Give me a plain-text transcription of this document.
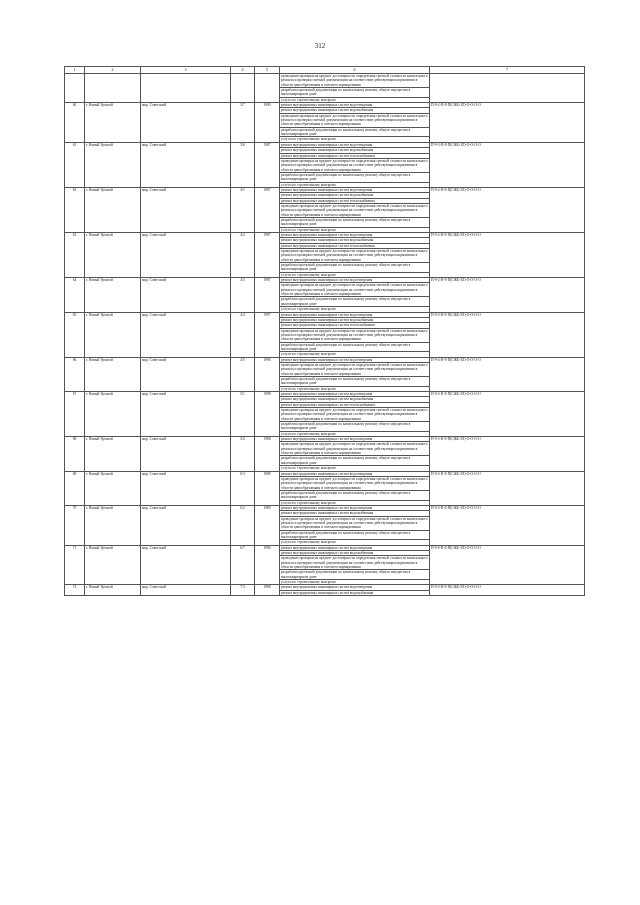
312
1	2	3	4	5	6	7
					проведение проверки на предмет достоверности определения сметной стоимости капитального ремонта и проверки сметной документации на соответствие действующим нормативам в области ценообразования и сметного нормирования	
					разработка проектной документации по капитальному ремонту общего имущества в многоквартирном доме	
					услуги по строительному контролю	
60	г. Новый Уренгой	мкр. Советский	3/7	1990	ремонт внутридомовых инженерных систем водоотведения	П-9-2-П-8-П(СЖБ-ЗЛ)-О-О-О-О
					ремонт внутридомовых инженерных систем водоснабжения	
					проведение проверки на предмет достоверности определения сметной стоимости капитального ремонта и проверки сметной документации на соответствие действующим нормативам в области ценообразования и сметного нормирования	
					разработка проектной документации по капитальному ремонту общего имущества в многоквартирном доме	
					услуги по строительному контролю	
61	г. Новый Уренгой	мкр. Советский	3/6	1987	ремонт внутридомовых инженерных систем водоотведения	П-9-3-П-8-П(СЖБ-ЗЛ)-О-О-О-О
					ремонт внутридомовых инженерных систем водоснабжения	
					ремонт внутридомовых инженерных систем теплоснабжения	
					проведение проверки на предмет достоверности определения сметной стоимости капитального ремонта и проверки сметной документации на соответствие действующим нормативам в области ценообразования и сметного нормирования	
					разработка проектной документации по капитальному ремонту общего имущества в многоквартирном доме	
					услуги по строительному контролю	
62	г. Новый Уренгой	мкр. Советский	4/1	1987	ремонт внутридомовых инженерных систем водоотведения	П-9-2-П-8-П(СЖБ-ЗЛ)-О-О-О-О
					ремонт внутридомовых инженерных систем водоснабжения	
					ремонт внутридомовых инженерных систем теплоснабжения	
					проведение проверки на предмет достоверности определения сметной стоимости капитального ремонта и проверки сметной документации на соответствие действующим нормативам в области ценообразования и сметного нормирования	
					разработка проектной документации по капитальному ремонту общего имущества в многоквартирном доме	
					услуги по строительному контролю	
63	г. Новый Уренгой	мкр. Советский	4/2	1987	ремонт внутридомовых инженерных систем водоотведения	П-9-2-П-8-П(СЖБ-ЗЛ)-О-О-О-О
					ремонт внутридомовых инженерных систем водоснабжения	
					ремонт внутридомовых инженерных систем теплоснабжения	
					проведение проверки на предмет достоверности определения сметной стоимости капитального ремонта и проверки сметной документации на соответствие действующим нормативам в области ценообразования и сметного нормирования	
					разработка проектной документации по капитальному ремонту общего имущества в многоквартирном доме	
					услуги по строительному контролю	
64	г. Новый Уренгой	мкр. Советский	4/3	1987	ремонт внутридомовых инженерных систем водоотведения	П-9-2-П-8-П(СЖБ-ЗЛ)-О-О-О-О
					проведение проверки на предмет достоверности определения сметной стоимости капитального ремонта и проверки сметной документации на соответствие действующим нормативам в области ценообразования и сметного нормирования	
					разработка проектной документации по капитальному ремонту общего имущества в многоквартирном доме	
					услуги по строительному контролю	
65	г. Новый Уренгой	мкр. Советский	4/4	1997	ремонт внутридомовых инженерных систем водоотведения	П-9-3-П-8-П(СЖБ-ЗЛ)-О-О-О-О
					ремонт внутридомовых инженерных систем водоснабжения	
					ремонт внутридомовых инженерных систем теплоснабжения	
					проведение проверки на предмет достоверности определения сметной стоимости капитального ремонта и проверки сметной документации на соответствие действующим нормативам в области ценообразования и сметного нормирования	
					разработка проектной документации по капитальному ремонту общего имущества в многоквартирном доме	
					услуги по строительному контролю	
66	г. Новый Уренгой	мкр. Советский	4/5	1996	ремонт внутридомовых инженерных систем водоотведения	П-9-4-П-8-П(СЖБ-ЗЛ)-О-О-О-О
					проведение проверки на предмет достоверности определения сметной стоимости капитального ремонта и проверки сметной документации на соответствие действующим нормативам в области ценообразования и сметного нормирования	
					разработка проектной документации по капитальному ремонту общего имущества в многоквартирном доме	
					услуги по строительному контролю	
67	г. Новый Уренгой	мкр. Советский	5/1	1998	ремонт внутридомовых инженерных систем водоотведения	П-9-3-П-8-П(СЖБ-ЗЛ)-О-О-О-О
					ремонт внутридомовых инженерных систем водоснабжения	
					ремонт внутридомовых инженерных систем теплоснабжения	
					проведение проверки на предмет достоверности определения сметной стоимости капитального ремонта и проверки сметной документации на соответствие действующим нормативам в области ценообразования и сметного нормирования	
					разработка проектной документации по капитальному ремонту общего имущества в многоквартирном доме	
					услуги по строительному контролю	
68	г. Новый Уренгой	мкр. Советский	5/2	1988	ремонт внутридомовых инженерных систем водоотведения	П-9-3-П-8-П(СЖБ-ЗЛ)-О-О-О-О
					проведение проверки на предмет достоверности определения сметной стоимости капитального ремонта и проверки сметной документации на соответствие действующим нормативам в области ценообразования и сметного нормирования	
					разработка проектной документации по капитальному ремонту общего имущества в многоквартирном доме	
					услуги по строительному контролю	
69	г. Новый Уренгой	мкр. Советский	6/3	1988	ремонт внутридомовых инженерных систем водоотведения	П-9-3-П-8-П(СЖБ-ЗЛ)-О-О-О-О
					проведение проверки на предмет достоверности определения сметной стоимости капитального ремонта и проверки сметной документации на соответствие действующим нормативам в области ценообразования и сметного нормирования	
					разработка проектной документации по капитальному ремонту общего имущества в многоквартирном доме	
					услуги по строительному контролю	
70	г. Новый Уренгой	мкр. Советский	6/2	1989	ремонт внутридомовых инженерных систем водоотведения	П-9-3-П-8-П(СЖБ-ЗЛ)-О-О-О-О
					ремонт внутридомовых инженерных систем водоснабжения	
					проведение проверки на предмет достоверности определения сметной стоимости капитального ремонта и проверки сметной документации на соответствие действующим нормативам в области ценообразования и сметного нормирования	
					разработка проектной документации по капитальному ремонту общего имущества в многоквартирном доме	
					услуги по строительному контролю	
71	г. Новый Уренгой	мкр. Советский	6/7	1996	ремонт внутридомовых инженерных систем водоотведения	П-9-6-П-8-П(СЖБ-ЗЛ)-О-О-О-О
					ремонт внутридомовых инженерных систем водоснабжения	
					проведение проверки на предмет достоверности определения сметной стоимости капитального ремонта и проверки сметной документации на соответствие действующим нормативам в области ценообразования и сметного нормирования	
					разработка проектной документации по капитальному ремонту общего имущества в многоквартирном доме	
					услуги по строительному контролю	
72	г. Новый Уренгой	мкр. Советский	7/3	1988	ремонт внутридомовых инженерных систем водоотведения	П-9-3-П-8-П(СЖБ-ЗЛ)-О-О-О-О
					ремонт внутридомовых инженерных систем водоснабжения	
